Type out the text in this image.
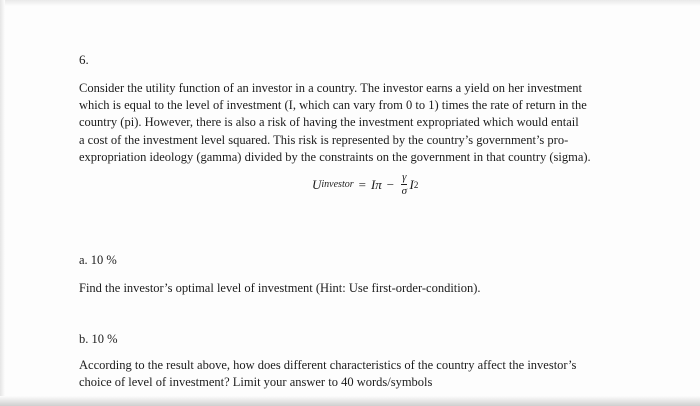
6.
Consider the utility function of an investor in a country. The investor earns a yield on her investment
which is equal to the level of investment (I, which can vary from 0 to 1) times the rate of return in the
country (pi). However, there is also a risk of having the investment expropriated which would entail
a cost of the investment level squared. This risk is represented by the country’s government’s pro-
expropriation ideology (gamma) divided by the constraints on the government in that country (sigma).
U investor = $I\pi - \frac{\gamma}{\sigma}$ I 2
a. 10 %
Find the investor’s optimal level of investment (Hint: Use first-order-condition).
b. 10 %
According to the result above, how does different characteristics of the country affect the investor’s
choice of level of investment? Limit your answer to 40 words/symbols
